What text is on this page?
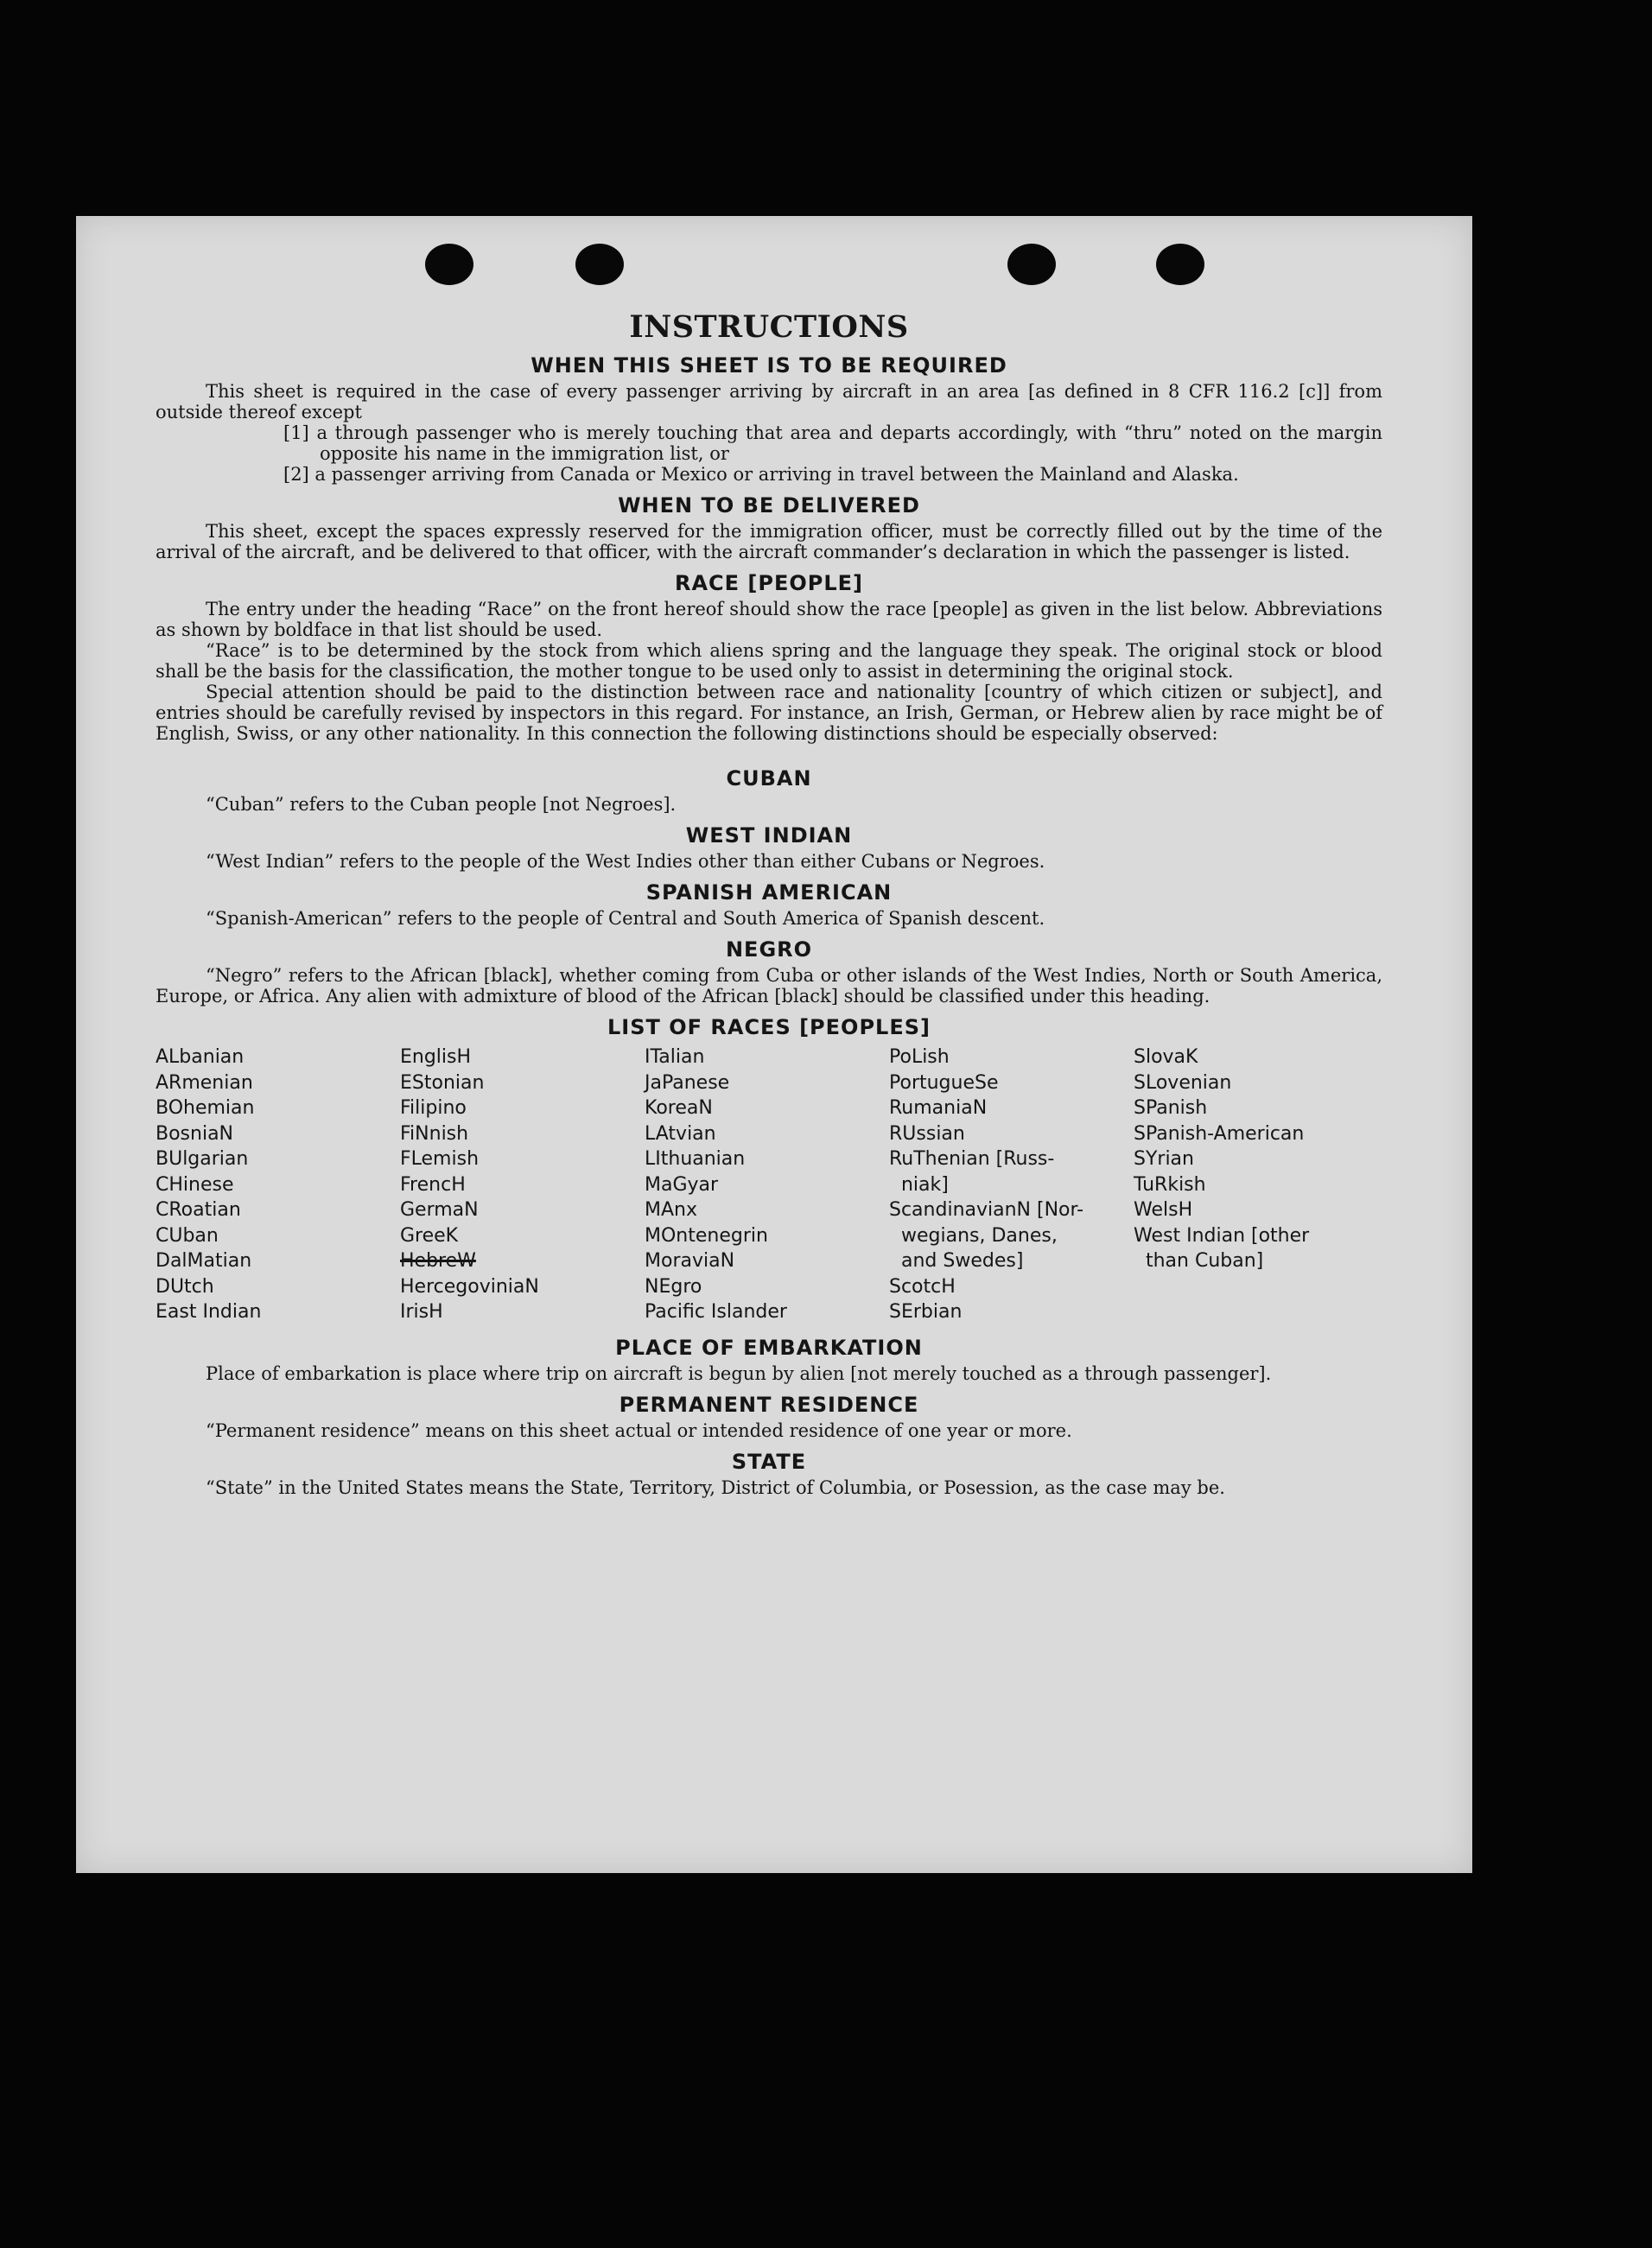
INSTRUCTIONS
WHEN THIS SHEET IS TO BE REQUIRED

This sheet is required in the case of every passenger arriving by aircraft in an area [as defined in 8 CFR 116.2 [c]] from outside thereof except

[1] a through passenger who is merely touching that area and departs accordingly, with “thru” noted on the margin opposite his name in the immigration list, or
[2] a passenger arriving from Canada or Mexico or arriving in travel between the Mainland and Alaska.
WHEN TO BE DELIVERED

This sheet, except the spaces expressly reserved for the immigration officer, must be correctly filled out by the time of the arrival of the aircraft, and be delivered to that officer, with the aircraft commander’s declaration in which the passenger is listed.

RACE [PEOPLE]

The entry under the heading “Race” on the front hereof should show the race [people] as given in the list below. Abbreviations as shown by boldface in that list should be used.

“Race” is to be determined by the stock from which aliens spring and the language they speak. The original stock or blood shall be the basis for the classification, the mother tongue to be used only to assist in determining the original stock.

Special attention should be paid to the distinction between race and nationality [country of which citizen or subject], and entries should be carefully revised by inspectors in this regard. For instance, an Irish, German, or Hebrew alien by race might be of English, Swiss, or any other nationality. In this connection the following distinctions should be especially observed:

CUBAN

“Cuban” refers to the Cuban people [not Negroes].

WEST INDIAN

“West Indian” refers to the people of the West Indies other than either Cubans or Negroes.

SPANISH AMERICAN

“Spanish-American” refers to the people of Central and South America of Spanish descent.

NEGRO

“Negro” refers to the African [black], whether coming from Cuba or other islands of the West Indies, North or South America, Europe, or Africa. Any alien with admixture of blood of the African [black] should be classified under this heading.

LIST OF RACES [PEOPLES]
ALbanian
ARmenian
BOhemian
BosniaN
BUlgarian
CHinese
CRoatian
CUban
DalMatian
DUtch
East Indian
EnglisH
EStonian
Filipino
FiNnish
FLemish
FrencH
GermaN
GreeK
HebreW
HercegoviniaN
IrisH
ITalian
JaPanese
KoreaN
LAtvian
LIthuanian
MaGyar
MAnx
MOntenegrin
MoraviaN
NEgro
Pacific Islander
PoLish
PortugueSe
RumaniaN
RUssian
RuThenian [Russ-
niak]
ScandinavianN [Nor-
wegians, Danes,
and Swedes]
ScotcH
SErbian
SlovaK
SLovenian
SPanish
SPanish-American
SYrian
TuRkish
WelsH
West Indian [other
than Cuban]
PLACE OF EMBARKATION

Place of embarkation is place where trip on aircraft is begun by alien [not merely touched as a through passenger].

PERMANENT RESIDENCE

“Permanent residence” means on this sheet actual or intended residence of one year or more.

STATE

“State” in the United States means the State, Territory, District of Columbia, or Posession, as the case may be.
